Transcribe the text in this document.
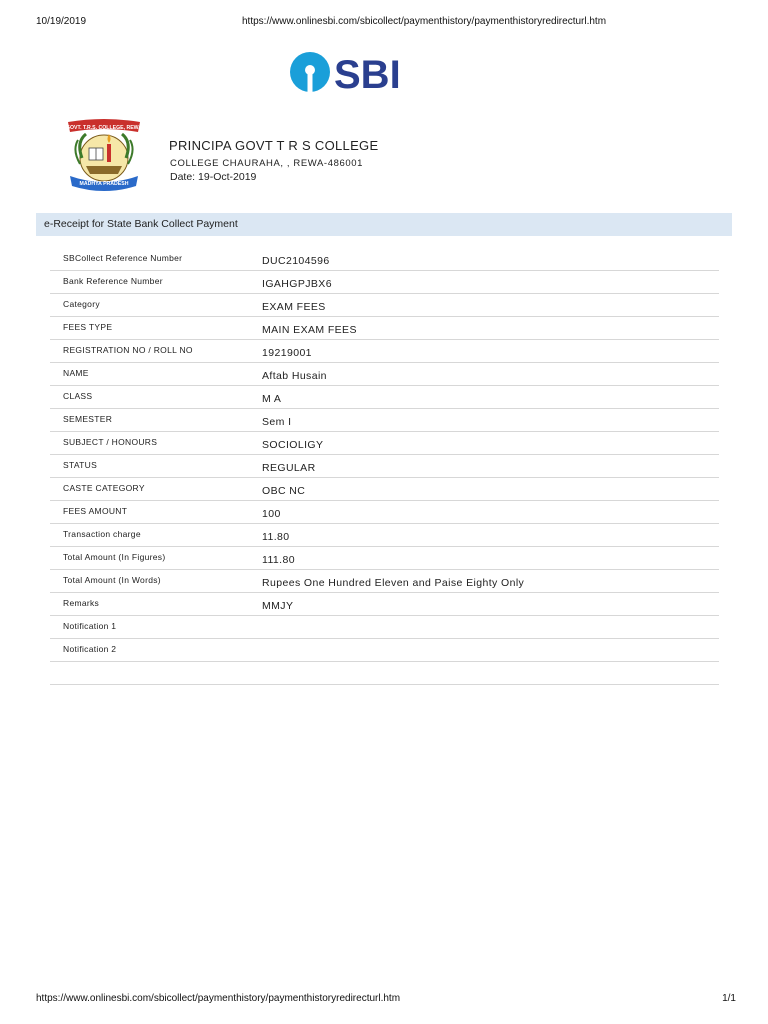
10/19/2019	https://www.onlinesbi.com/sbicollect/paymenthistory/paymenthistoryredirecturl.htm
SBI
GOVT. T.R.S. COLLEGE, REWA
MADHYA PRADESH
PRINCIPA GOVT T R S COLLEGE
COLLEGE CHAURAHA, , REWA-486001
Date: 19-Oct-2019
e-Receipt for State Bank Collect Payment
SBCollect Reference Number	DUC2104596
Bank Reference Number	IGAHGPJBX6
Category	EXAM FEES
FEES TYPE	MAIN EXAM FEES
REGISTRATION NO / ROLL NO	19219001
NAME	Aftab Husain
CLASS	M A
SEMESTER	Sem I
SUBJECT / HONOURS	SOCIOLIGY
STATUS	REGULAR
CASTE CATEGORY	OBC NC
FEES AMOUNT	100
Transaction charge	11.80
Total Amount (In Figures)	111.80
Total Amount (In Words)	Rupees One Hundred Eleven and Paise Eighty Only
Remarks	MMJY
Notification 1
Notification 2
https://www.onlinesbi.com/sbicollect/paymenthistory/paymenthistoryredirecturl.htm	1/1
